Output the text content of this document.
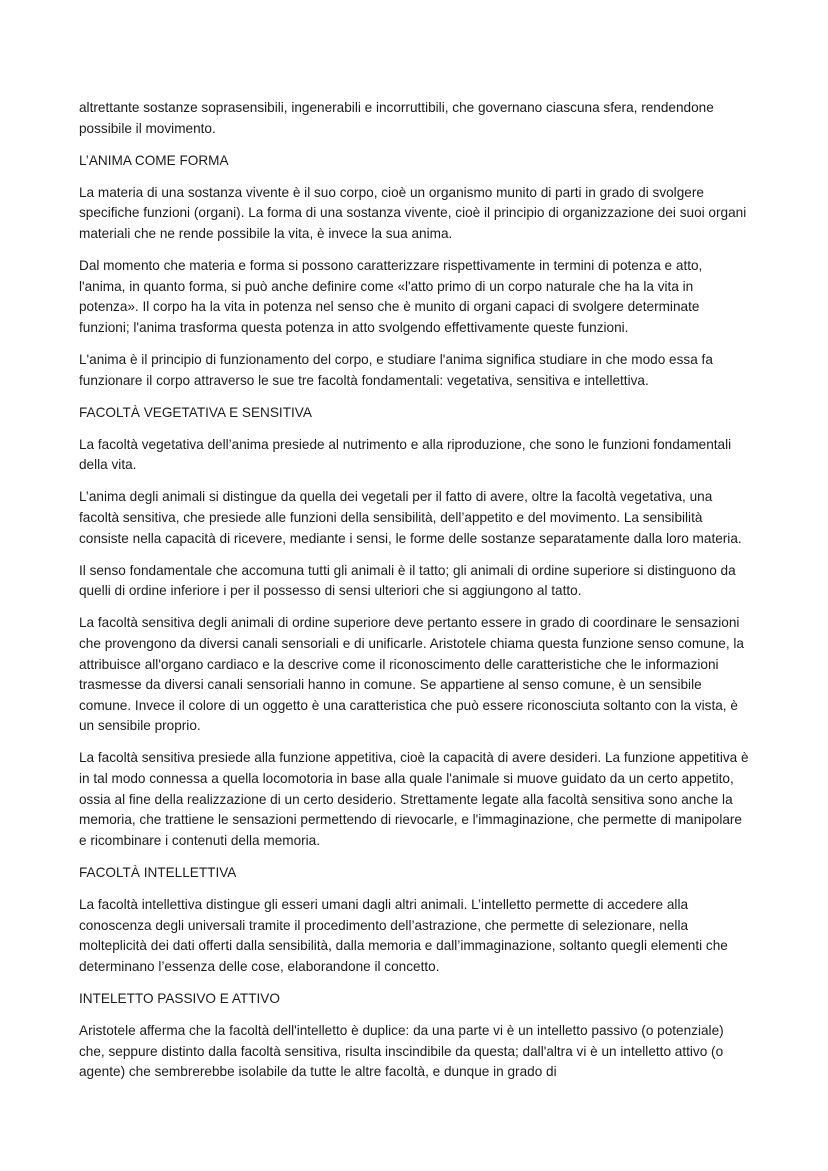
altrettante sostanze soprasensibili, ingenerabili e incorruttibili, che governano ciascuna sfera, rendendone possibile il movimento.

L’ANIMA COME FORMA

La materia di una sostanza vivente è il suo corpo, cioè un organismo munito di parti in grado di svolgere specifiche funzioni (organi). La forma di una sostanza vivente, cioè il principio di organizzazione dei suoi organi materiali che ne rende possibile la vita, è invece la sua anima.

Dal momento che materia e forma si possono caratterizzare rispettivamente in termini di potenza e atto, l'anima, in quanto forma, si può anche definire come «l'atto primo di un corpo naturale che ha la vita in potenza». Il corpo ha la vita in potenza nel senso che è munito di organi capaci di svolgere determinate funzioni; l'anima trasforma questa potenza in atto svolgendo effettivamente queste funzioni.

L'anima è il principio di funzionamento del corpo, e studiare l'anima significa studiare in che modo essa fa funzionare il corpo attraverso le sue tre facoltà fondamentali: vegetativa, sensitiva e intellettiva.

FACOLTÀ VEGETATIVA E SENSITIVA

La facoltà vegetativa dell’anima presiede al nutrimento e alla riproduzione, che sono le funzioni fondamentali della vita.

L’anima degli animali si distingue da quella dei vegetali per il fatto di avere, oltre la facoltà vegetativa, una facoltà sensitiva, che presiede alle funzioni della sensibilità, dell’appetito e del movimento. La sensibilità consiste nella capacità di ricevere, mediante i sensi, le forme delle sostanze separatamente dalla loro materia.

Il senso fondamentale che accomuna tutti gli animali è il tatto; gli animali di ordine superiore si distinguono da quelli di ordine inferiore i per il possesso di sensi ulteriori che si aggiungono al tatto.

La facoltà sensitiva degli animali di ordine superiore deve pertanto essere in grado di coordinare le sensazioni che provengono da diversi canali sensoriali e di unificarle. Aristotele chiama questa funzione senso comune, la attribuisce all'organo cardiaco e la descrive come il riconoscimento delle caratteristiche che le informazioni trasmesse da diversi canali sensoriali hanno in comune. Se appartiene al senso comune, è un sensibile comune. Invece il colore di un oggetto è una caratteristica che può essere riconosciuta soltanto con la vista, è un sensibile proprio.

La facoltà sensitiva presiede alla funzione appetitiva, cioè la capacità di avere desideri. La funzione appetitiva è in tal modo connessa a quella locomotoria in base alla quale l'animale si muove guidato da un certo appetito, ossia al fine della realizzazione di un certo desiderio. Strettamente legate alla facoltà sensitiva sono anche la memoria, che trattiene le sensazioni permettendo di rievocarle, e l'immaginazione, che permette di manipolare e ricombinare i contenuti della memoria.

FACOLTÀ INTELLETTIVA

La facoltà intellettiva distingue gli esseri umani dagli altri animali. L’intelletto permette di accedere alla conoscenza degli universali tramite il procedimento dell’astrazione, che permette di selezionare, nella molteplicità dei dati offerti dalla sensibilità, dalla memoria e dall’immaginazione, soltanto quegli elementi che determinano l’essenza delle cose, elaborandone il concetto.

INTELETTO PASSIVO E ATTIVO

Aristotele afferma che la facoltà dell'intelletto è duplice: da una parte vi è un intelletto passivo (o potenziale) che, seppure distinto dalla facoltà sensitiva, risulta inscindibile da questa; dall'altra vi è un intelletto attivo (o agente) che sembrerebbe isolabile da tutte le altre facoltà, e dunque in grado di
